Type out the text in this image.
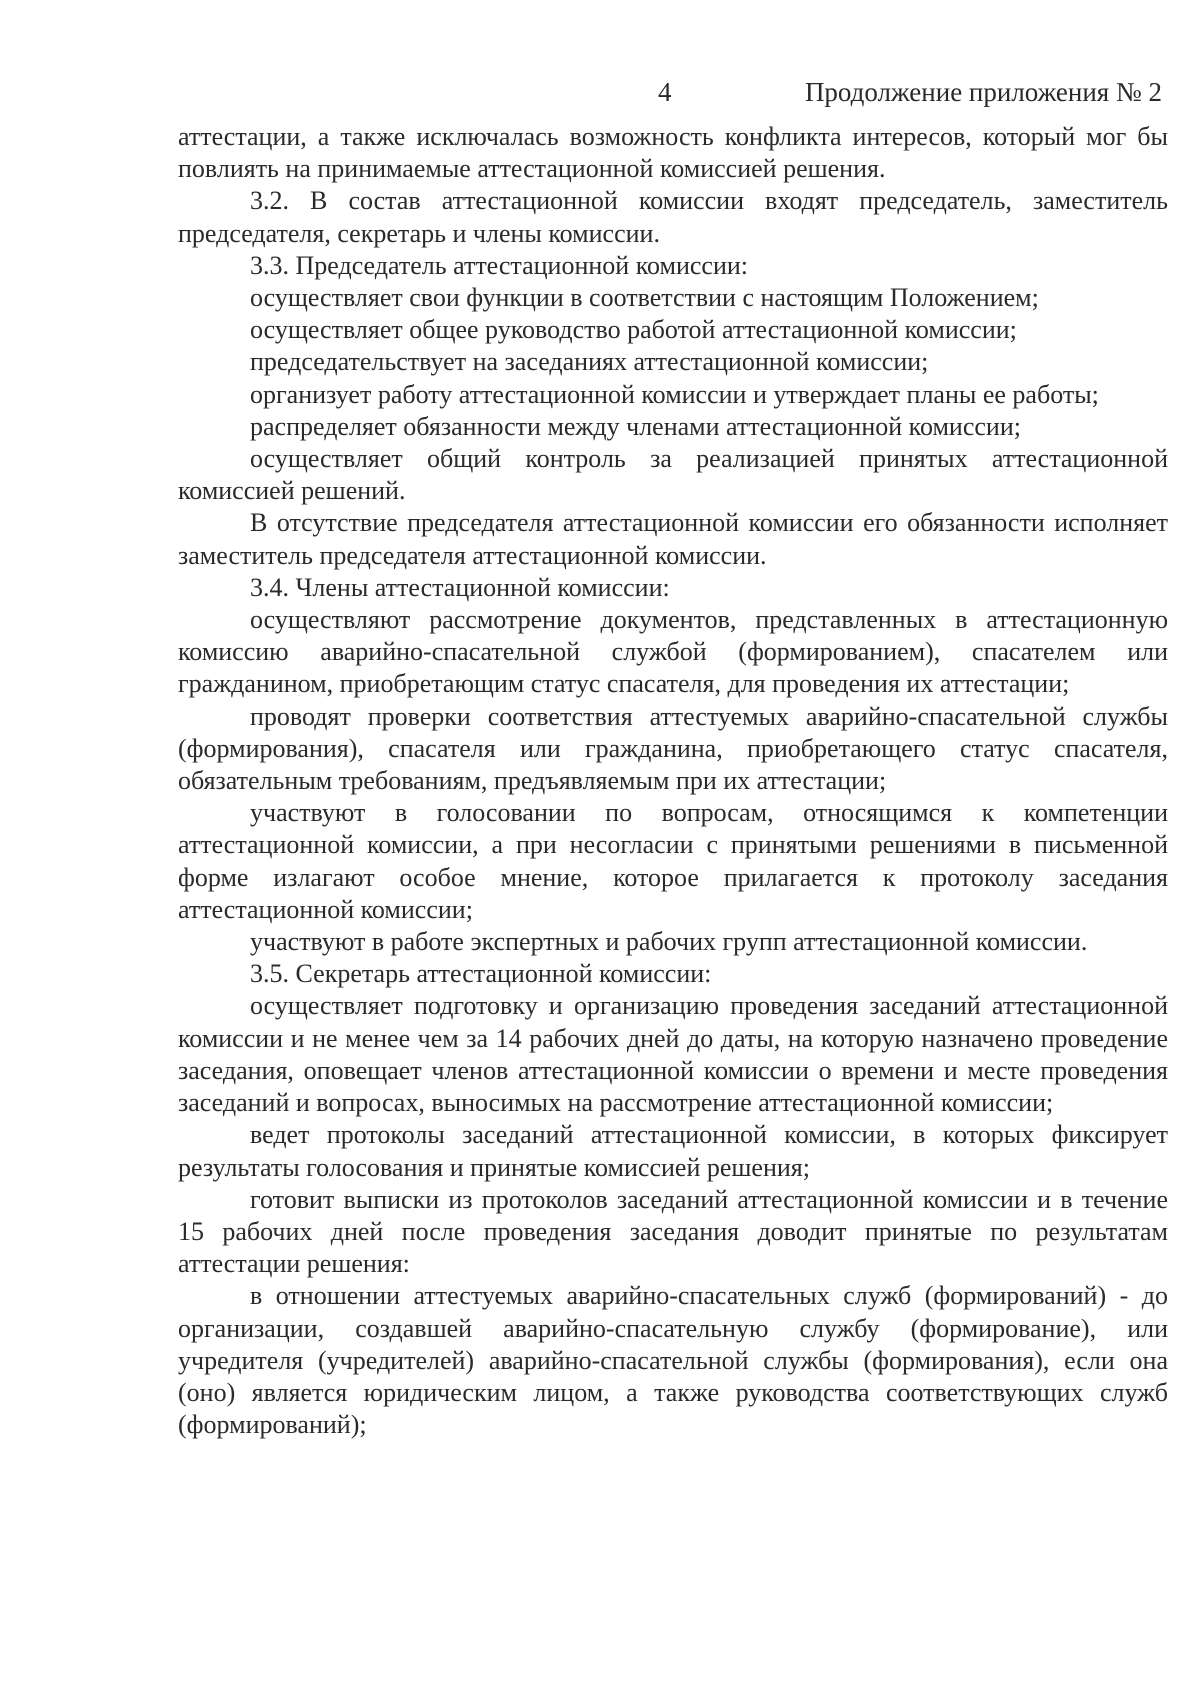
4	Продолжение приложения № 2

аттестации, а также исключалась возможность конфликта интересов, который мог бы повлиять на принимаемые аттестационной комиссией решения.

3.2. В состав аттестационной комиссии входят председатель, заместитель председателя, секретарь и члены комиссии.

3.3. Председатель аттестационной комиссии:

осуществляет свои функции в соответствии с настоящим Положением;

осуществляет общее руководство работой аттестационной комиссии;

председательствует на заседаниях аттестационной комиссии;

организует работу аттестационной комиссии и утверждает планы ее работы;

распределяет обязанности между членами аттестационной комиссии;

осуществляет общий контроль за реализацией принятых аттестационной комиссией решений.

В отсутствие председателя аттестационной комиссии его обязанности исполняет заместитель председателя аттестационной комиссии.

3.4. Члены аттестационной комиссии:

осуществляют рассмотрение документов, представленных в аттестационную комиссию аварийно-спасательной службой (формированием), спасателем или гражданином, приобретающим статус спасателя, для проведения их аттестации;

проводят проверки соответствия аттестуемых аварийно-спасательной службы (формирования), спасателя или гражданина, приобретающего статус спасателя, обязательным требованиям, предъявляемым при их аттестации;

участвуют в голосовании по вопросам, относящимся к компетенции аттестационной комиссии, а при несогласии с принятыми решениями в письменной форме излагают особое мнение, которое прилагается к протоколу заседания аттестационной комиссии;

участвуют в работе экспертных и рабочих групп аттестационной комиссии.

3.5. Секретарь аттестационной комиссии:

осуществляет подготовку и организацию проведения заседаний аттестационной комиссии и не менее чем за 14 рабочих дней до даты, на которую назначено проведение заседания, оповещает членов аттестационной комиссии о времени и месте проведения заседаний и вопросах, выносимых на рассмотрение аттестационной комиссии;

ведет протоколы заседаний аттестационной комиссии, в которых фиксирует результаты голосования и принятые комиссией решения;

готовит выписки из протоколов заседаний аттестационной комиссии и в течение 15 рабочих дней после проведения заседания доводит принятые по результатам аттестации решения:

в отношении аттестуемых аварийно-спасательных служб (формирований) - до организации, создавшей аварийно-спасательную службу (формирование), или учредителя (учредителей) аварийно-спасательной службы (формирования), если она (оно) является юридическим лицом, а также руководства соответствующих служб (формирований);
